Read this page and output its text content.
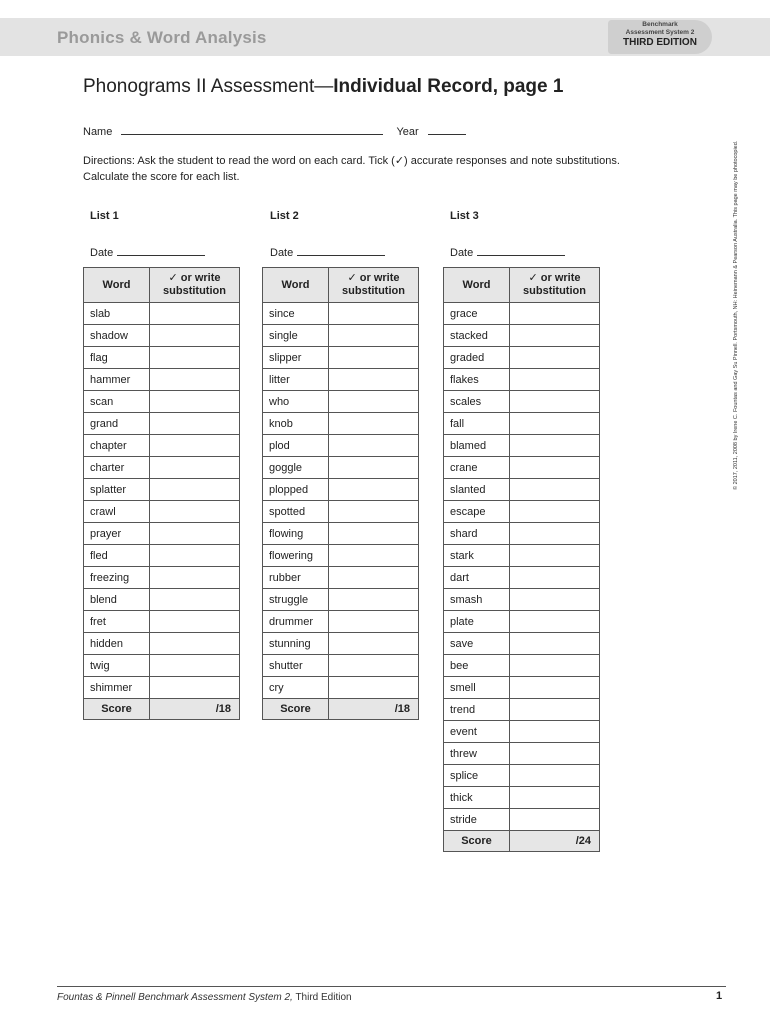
Phonics & Word Analysis
Benchmark
Assessment System 2
THIRD EDITION
Phonograms II Assessment—Individual Record, page 1
Name	Year
Directions: Ask the student to read the word on each card. Tick (✓) accurate responses and note substitutions.
Calculate the score for each list.
List 1	List 2	List 3
Date	Date	Date
Word	✓ or write
substitution

slab	
shadow	
flag	
hammer	
scan	
grand	
chapter	
charter	
splatter	
crawl	
prayer	
fled	
freezing	
blend	
fret	
hidden	
twig	
shimmer	
Score	/18
Word	✓ or write
substitution

since	
single	
slipper	
litter	
who	
knob	
plod	
goggle	
plopped	
spotted	
flowing	
flowering	
rubber	
struggle	
drummer	
stunning	
shutter	
cry	
Score	/18
Word	✓ or write
substitution

grace	
stacked	
graded	
flakes	
scales	
fall	
blamed	
crane	
slanted	
escape	
shard	
stark	
dart	
smash	
plate	
save	
bee	
smell	
trend	
event	
threw	
splice	
thick	
stride	
Score	/24
© 2017, 2011, 2008 by Irene C. Fountas and Gay Su Pinnell. Portsmouth, NH: Heinemann & Pearson Australia. This page may be photocopied.
Fountas & Pinnell Benchmark Assessment System 2, Third Edition	1
